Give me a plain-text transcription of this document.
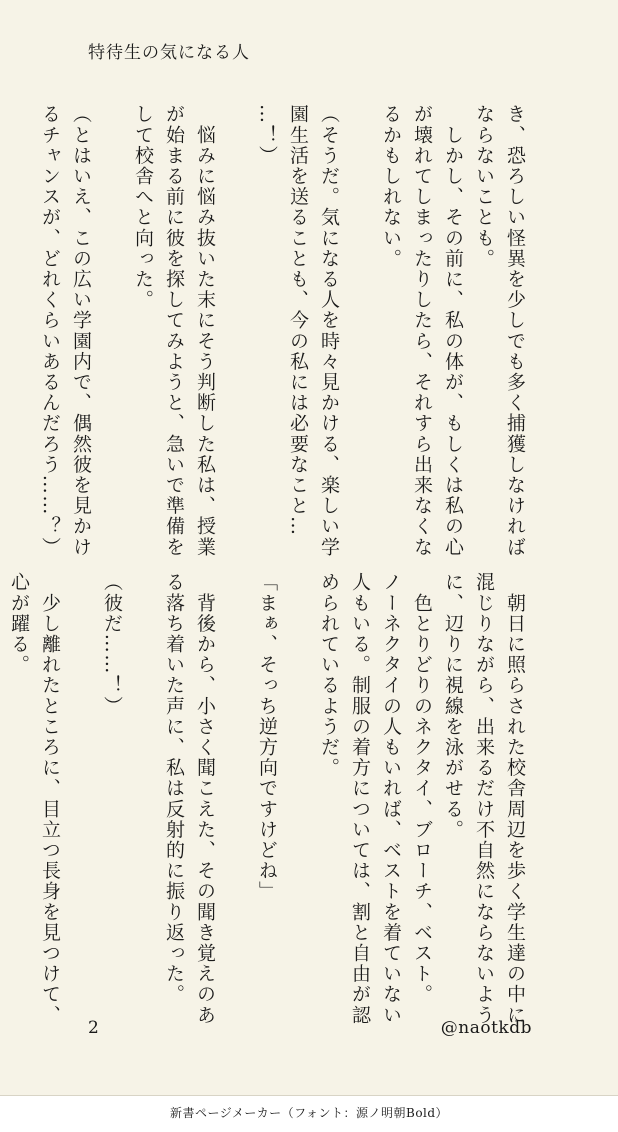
特待生の気になる人

き、恐ろしい怪異を少しでも多く捕獲しなければ

ならないことも。

　しかし、その前に、私の体が、もしくは私の心

が壊れてしまったりしたら、それすら出来なくな

るかもしれない。

（そうだ。気になる人を時々見かける、楽しい学

園生活を送ることも、今の私には必要なこと…

…！）

　悩みに悩み抜いた末にそう判断した私は、授業

が始まる前に彼を探してみようと、急いで準備を

して校舎へと向った。

（とはいえ、この広い学園内で、偶然彼を見かけ

るチャンスが、どれくらいあるんだろう……？）

　朝日に照らされた校舎周辺を歩く学生達の中に

混じりながら、出来るだけ不自然にならないよう

に、辺りに視線を泳がせる。

　色とりどりのネクタイ、ブローチ、ベスト。

ノーネクタイの人もいれば、ベストを着ていない

人もいる。制服の着方については、割と自由が認

められているようだ。

「まぁ、そっち逆方向ですけどね」

　背後から、小さく聞こえた、その聞き覚えのあ

る落ち着いた声に、私は反射的に振り返った。

（彼だ……！）

　少し離れたところに、目立つ長身を見つけて、

心が躍る。

2	@naotkdb
新書ページメーカー（フォント：源ノ明朝Bold）
